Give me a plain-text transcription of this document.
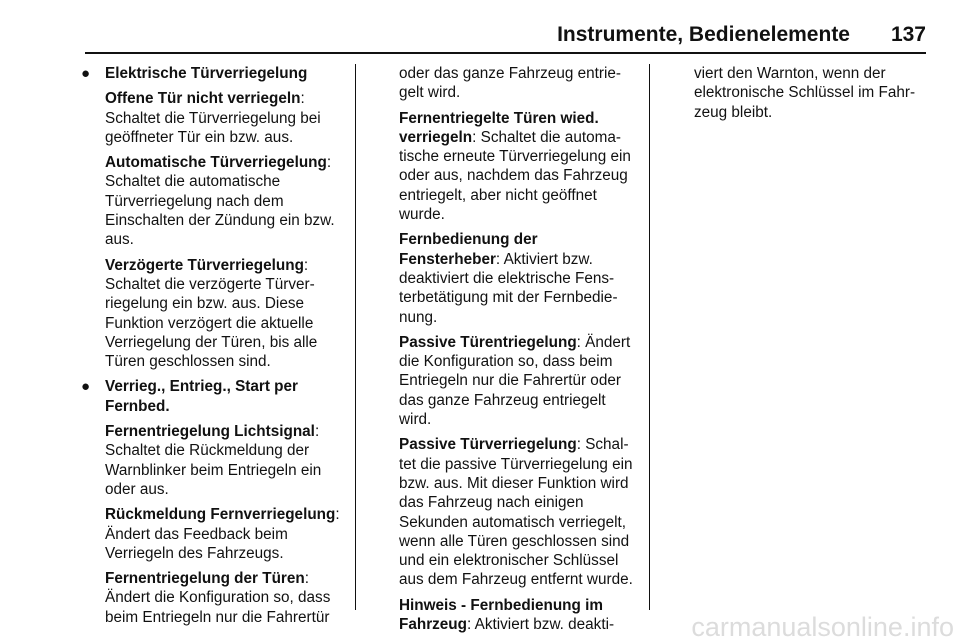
Instrumente, Bedienelemente	137
● Elektrische Türverriegelung

Offene Tür nicht verriegeln: Schaltet die Türverriegelung bei geöffneter Tür ein bzw. aus.

Automatische Türverriegelung: Schaltet die automatische Türverriegelung nach dem Einschalten der Zündung ein bzw. aus.

Verzögerte Türverriegelung: Schaltet die verzögerte Türverriegelung ein bzw. aus. Diese Funktion verzögert die aktuelle Verriegelung der Türen, bis alle Türen geschlossen sind.

● Verrieg., Entrieg., Start per Fernbed.

Fernentriegelung Lichtsignal: Schaltet die Rückmeldung der Warnblinker beim Entriegeln ein oder aus.

Rückmeldung Fernverriegelung: Ändert das Feedback beim Verriegeln des Fahrzeugs.

Fernentriegelung der Türen: Ändert die Konfiguration so, dass beim Entriegeln nur die Fahrertür

oder das ganze Fahrzeug entriegelt wird.

Fernentriegelte Türen wied. verriegeln: Schaltet die automatische erneute Türverriegelung ein oder aus, nachdem das Fahrzeug entriegelt, aber nicht geöffnet wurde.

Fernbedienung der Fensterheber: Aktiviert bzw. deaktiviert die elektrische Fensterbetätigung mit der Fernbedienung.

Passive Türentriegelung: Ändert die Konfiguration so, dass beim Entriegeln nur die Fahrertür oder das ganze Fahrzeug entriegelt wird.

Passive Türverriegelung: Schaltet die passive Türverriegelung ein bzw. aus. Mit dieser Funktion wird das Fahrzeug nach einigen Sekunden automatisch verriegelt, wenn alle Türen geschlossen sind und ein elektronischer Schlüssel aus dem Fahrzeug entfernt wurde.

Hinweis - Fernbedienung im Fahrzeug: Aktiviert bzw. deakti-

viert den Warnton, wenn der elektronische Schlüssel im Fahrzeug bleibt.

carmanualsonline.info
